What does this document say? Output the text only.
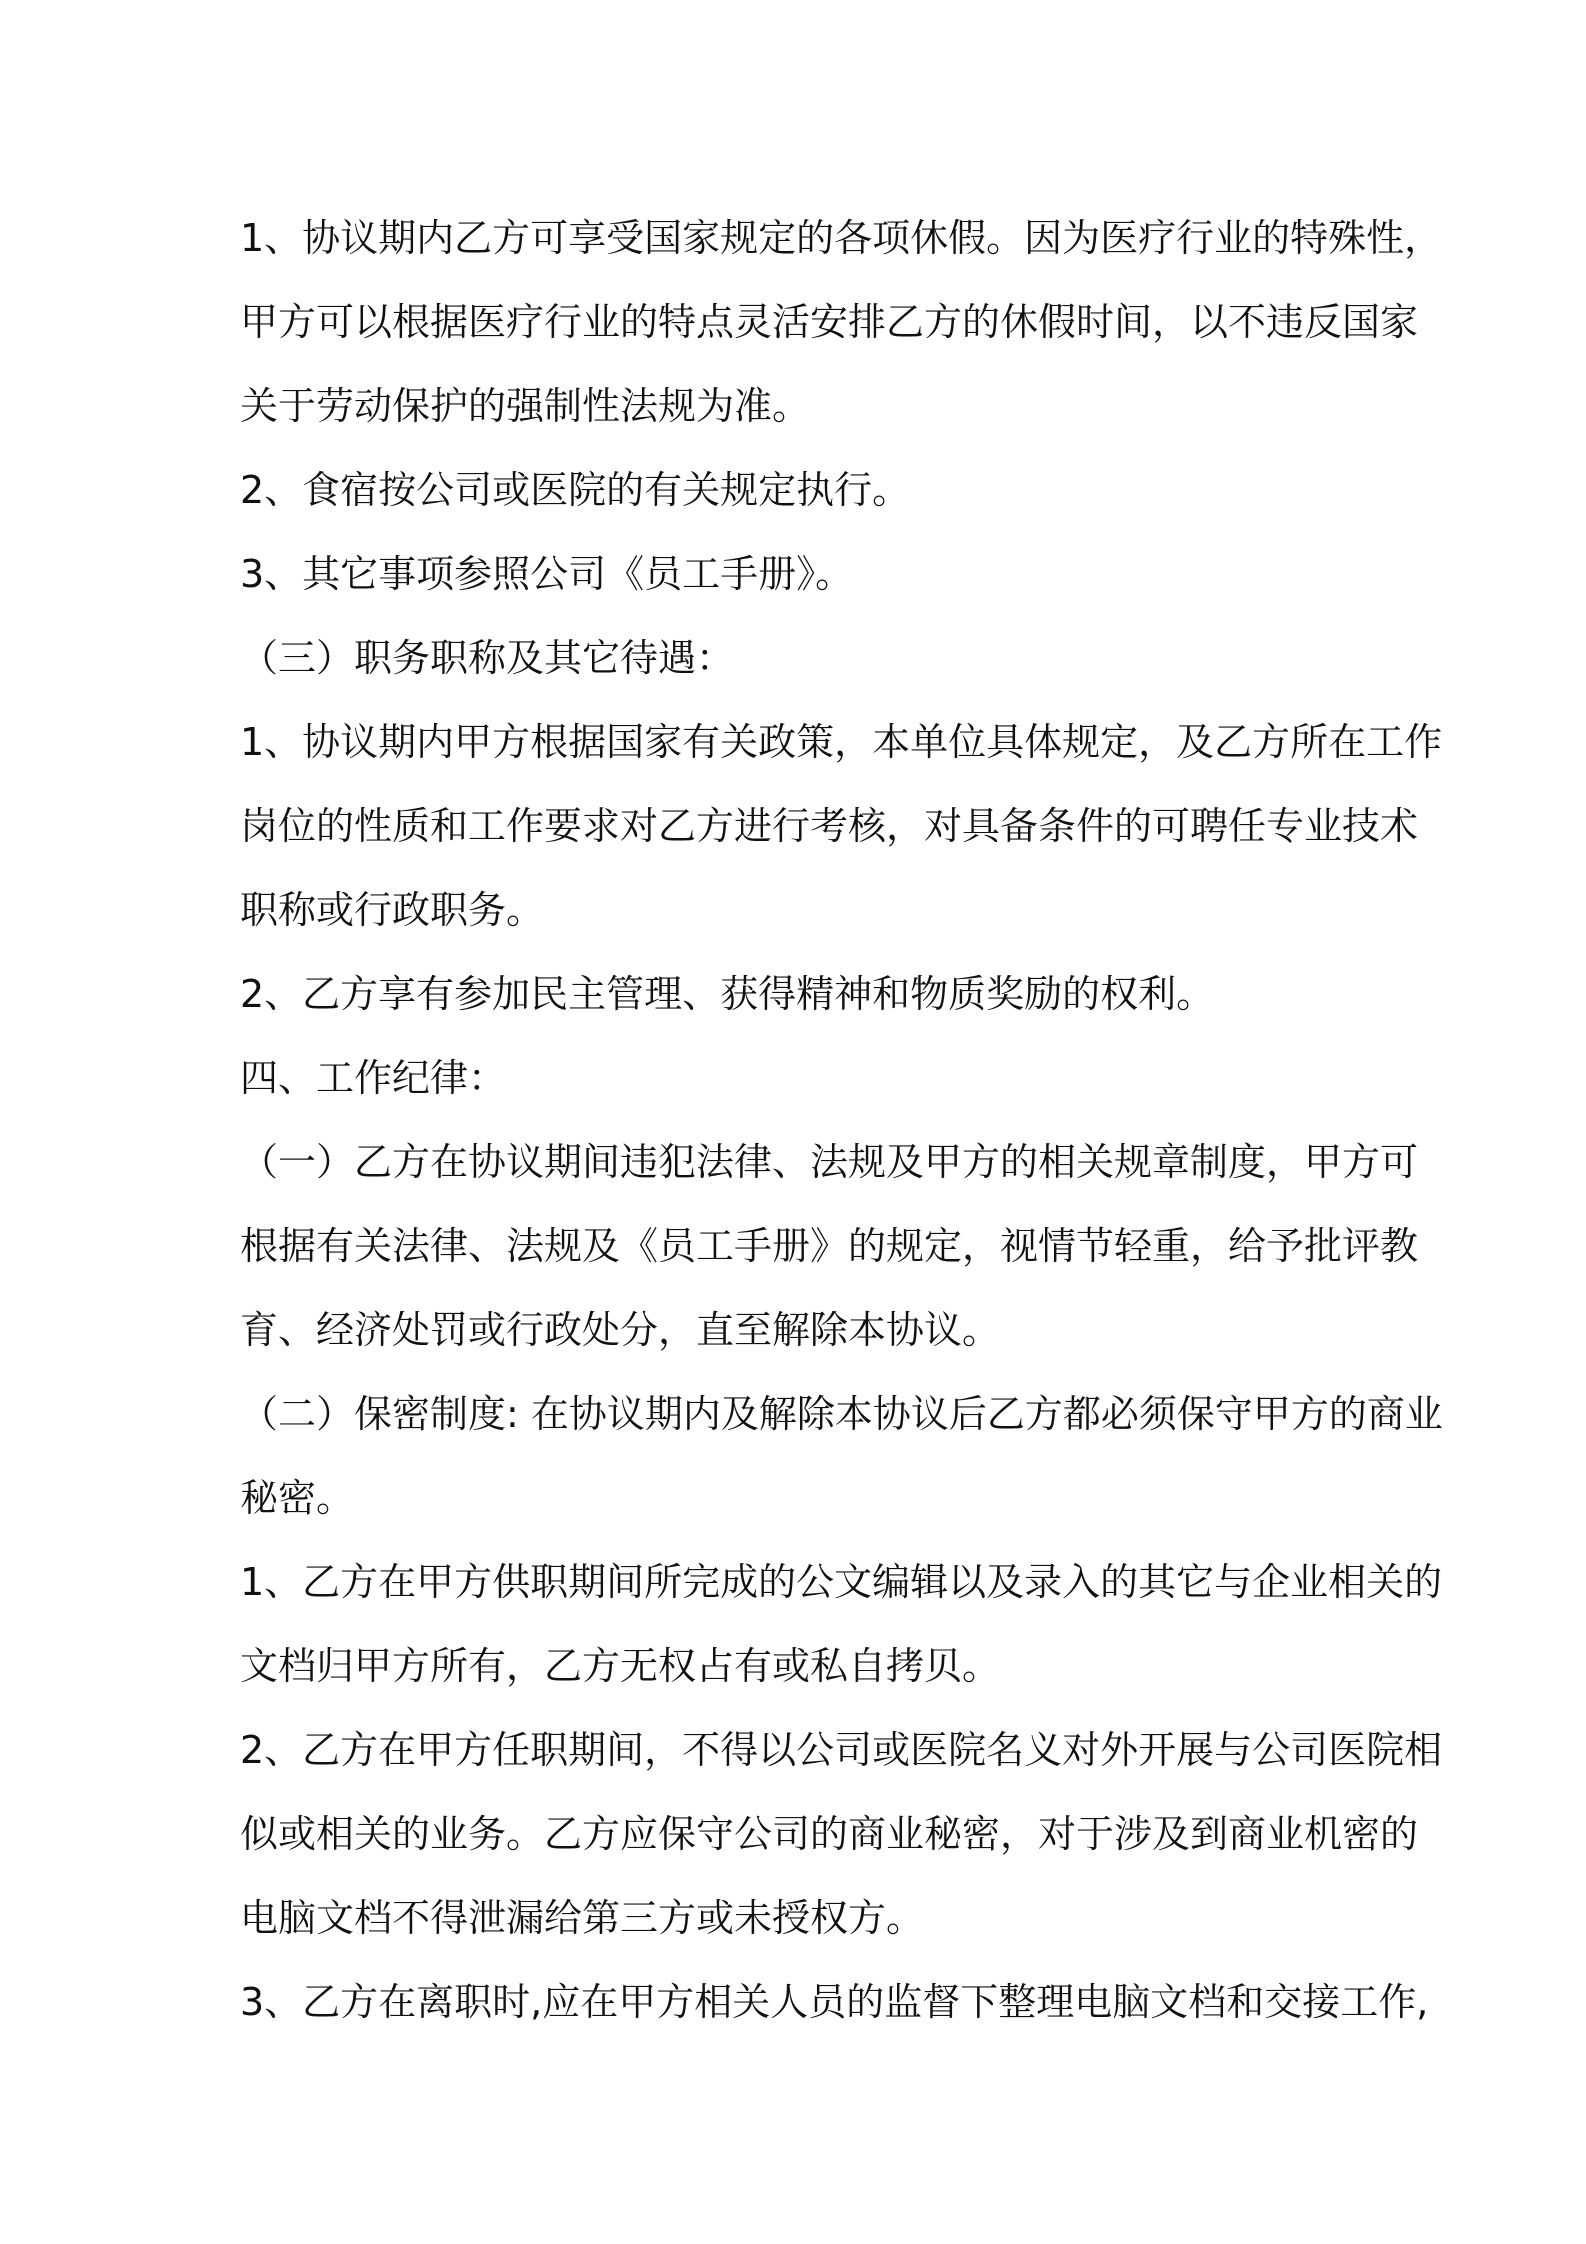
1、协议期内乙方可享受国家规定的各项休假。因为医疗行业的特殊性，

甲方可以根据医疗行业的特点灵活安排乙方的休假时间，以不违反国家

关于劳动保护的强制性法规为准。

2、食宿按公司或医院的有关规定执行。

3、其它事项参照公司《员工手册》。

（三）职务职称及其它待遇：

1、协议期内甲方根据国家有关政策，本单位具体规定，及乙方所在工作

岗位的性质和工作要求对乙方进行考核，对具备条件的可聘任专业技术

职称或行政职务。

2、乙方享有参加民主管理、获得精神和物质奖励的权利。

四、工作纪律：

（一）乙方在协议期间违犯法律、法规及甲方的相关规章制度，甲方可

根据有关法律、法规及《员工手册》的规定，视情节轻重，给予批评教

育、经济处罚或行政处分，直至解除本协议。

（二）保密制度: 在协议期内及解除本协议后乙方都必须保守甲方的商业

秘密。

1、乙方在甲方供职期间所完成的公文编辑以及录入的其它与企业相关的

文档归甲方所有，乙方无权占有或私自拷贝。

2、乙方在甲方任职期间，不得以公司或医院名义对外开展与公司医院相

似或相关的业务。乙方应保守公司的商业秘密，对于涉及到商业机密的

电脑文档不得泄漏给第三方或未授权方。

3、乙方在离职时,应在甲方相关人员的监督下整理电脑文档和交接工作,
